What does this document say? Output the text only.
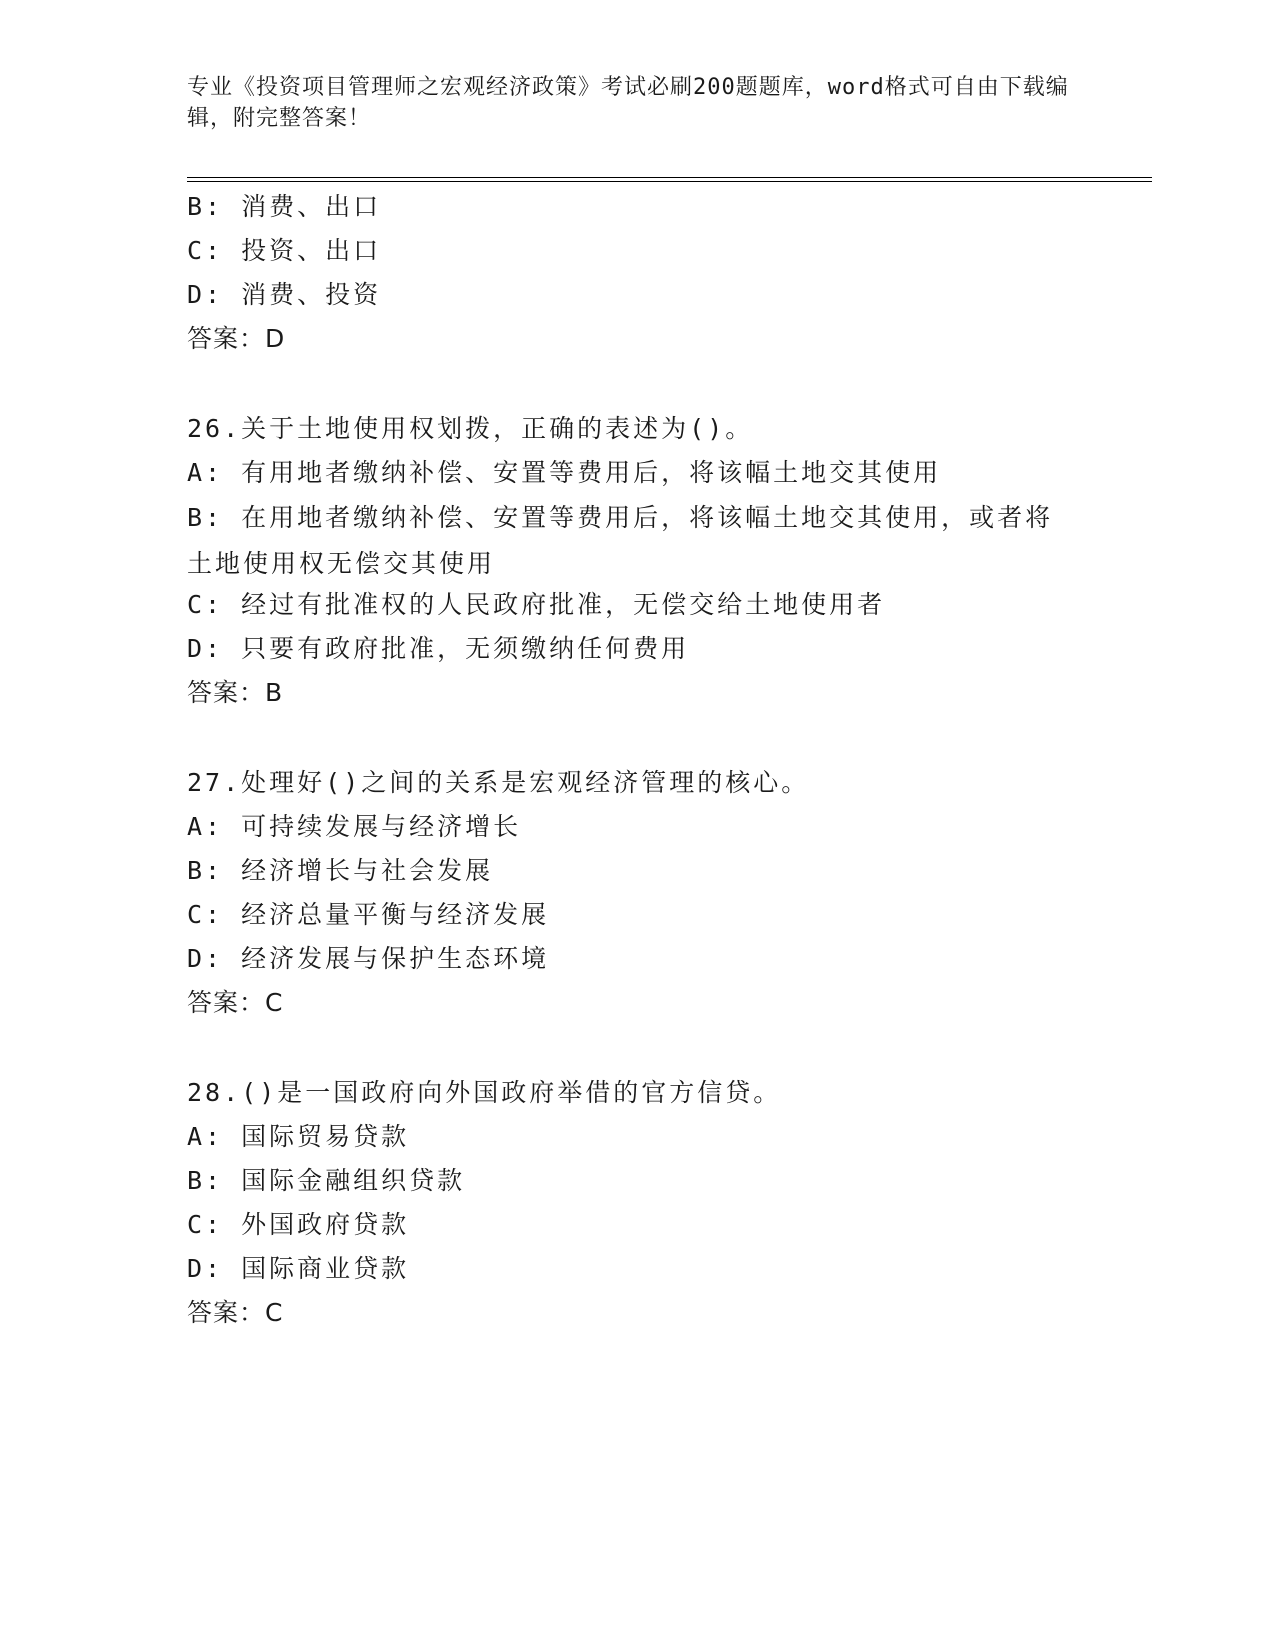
专业《投资项目管理师之宏观经济政策》考试必刷200题题库，word格式可自由下载编辑，附完整答案！
B: 消费、出口
C: 投资、出口
D: 消费、投资
答案：D
26.关于土地使用权划拨，正确的表述为()。
A: 有用地者缴纳补偿、安置等费用后，将该幅土地交其使用
B: 在用地者缴纳补偿、安置等费用后，将该幅土地交其使用，或者将土地使用权无偿交其使用
C: 经过有批准权的人民政府批准，无偿交给土地使用者
D: 只要有政府批准，无须缴纳任何费用
答案：B
27.处理好()之间的关系是宏观经济管理的核心。
A: 可持续发展与经济增长
B: 经济增长与社会发展
C: 经济总量平衡与经济发展
D: 经济发展与保护生态环境
答案：C
28.()是一国政府向外国政府举借的官方信贷。
A: 国际贸易贷款
B: 国际金融组织贷款
C: 外国政府贷款
D: 国际商业贷款
答案：C
